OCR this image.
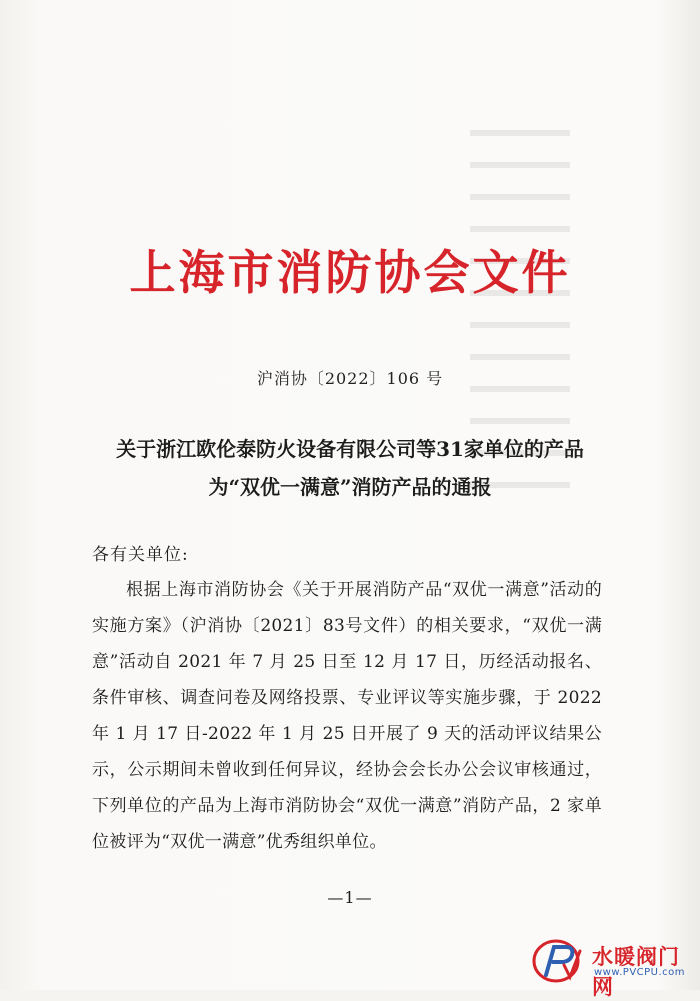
上海市消防协会文件
沪消协〔2022〕106 号
关于浙江欧伦泰防火设备有限公司等31家单位的产品
为“双优一满意”消防产品的通报
各有关单位:

根据上海市消防协会《关于开展消防产品“双优一满意”活动的实施方案》（沪消协〔2021〕83号文件）的相关要求，“双优一满意”活动自 2021 年 7 月 25 日至 12 月 17 日，历经活动报名、条件审核、调查问卷及网络投票、专业评议等实施步骤，于 2022 年 1 月 17 日-2022 年 1 月 25 日开展了 9 天的活动评议结果公示，公示期间未曾收到任何异议，经协会会长办公会议审核通过，下列单位的产品为上海市消防协会“双优一满意”消防产品，2 家单位被评为“双优一满意”优秀组织单位。

—1—
水暖阀门网
www.PVCPU.com
